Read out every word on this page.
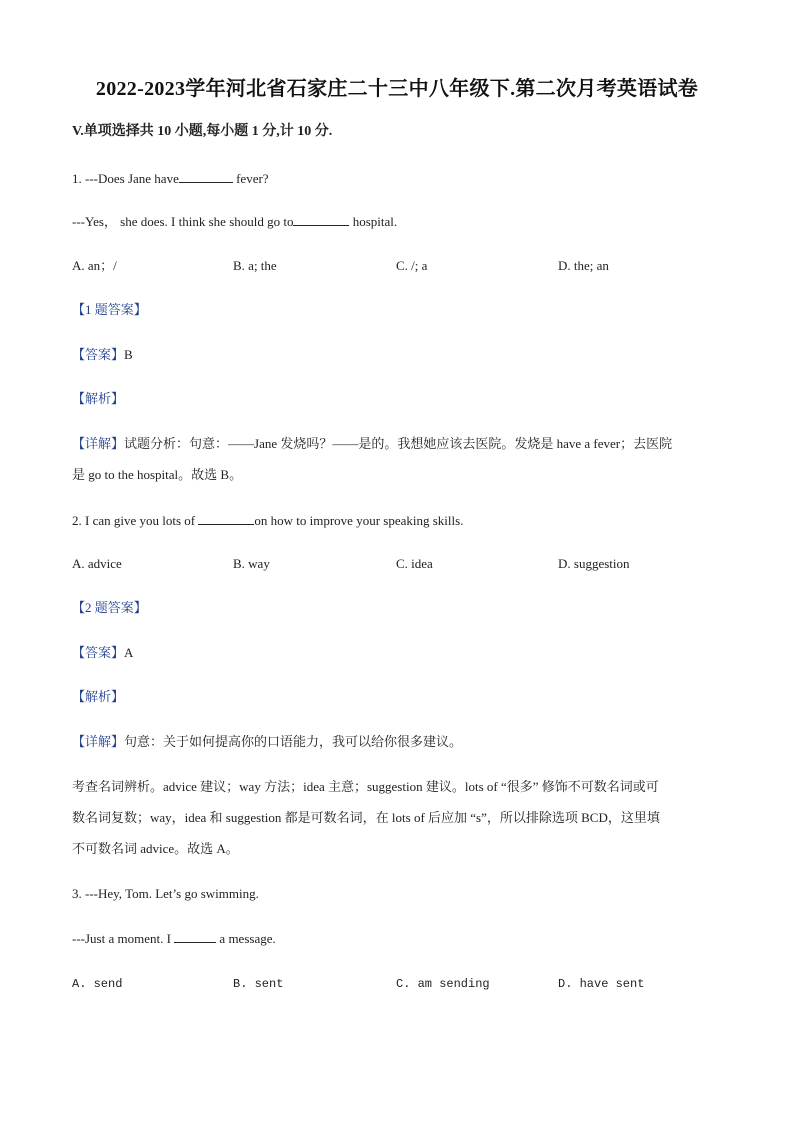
2022-2023学年河北省石家庄二十三中八年级下.第二次月考英语试卷
V.单项选择共 10 小题,每小题 1 分,计 10 分.
1. ---Does Jane have	fever?
---Yes， she does. I think she should go to	hospital.
A. an；/	B. a; the	C. /; a	D. the; an
【1 题答案】
【答案】B
【解析】
【详解】试题分析：句意：——Jane 发烧吗？——是的。我想她应该去医院。发烧是 have a fever；去医院
是 go to the hospital。故选 B。
2. I can give you lots of	on how to improve your speaking skills.
A. advice	B. way	C. idea	D. suggestion
【2 题答案】
【答案】A
【解析】
【详解】句意：关于如何提高你的口语能力，我可以给你很多建议。
考查名词辨析。advice 建议；way 方法；idea 主意；suggestion 建议。lots of “很多” 修饰不可数名词或可
数名词复数；way，idea 和 suggestion 都是可数名词，在 lots of 后应加 “s”，所以排除选项 BCD，这里填
不可数名词 advice。故选 A。
3. ---Hey, Tom. Let’s go swimming.
---Just a moment. I	a message.
A. send	B. sent	C. am sending	D. have sent
